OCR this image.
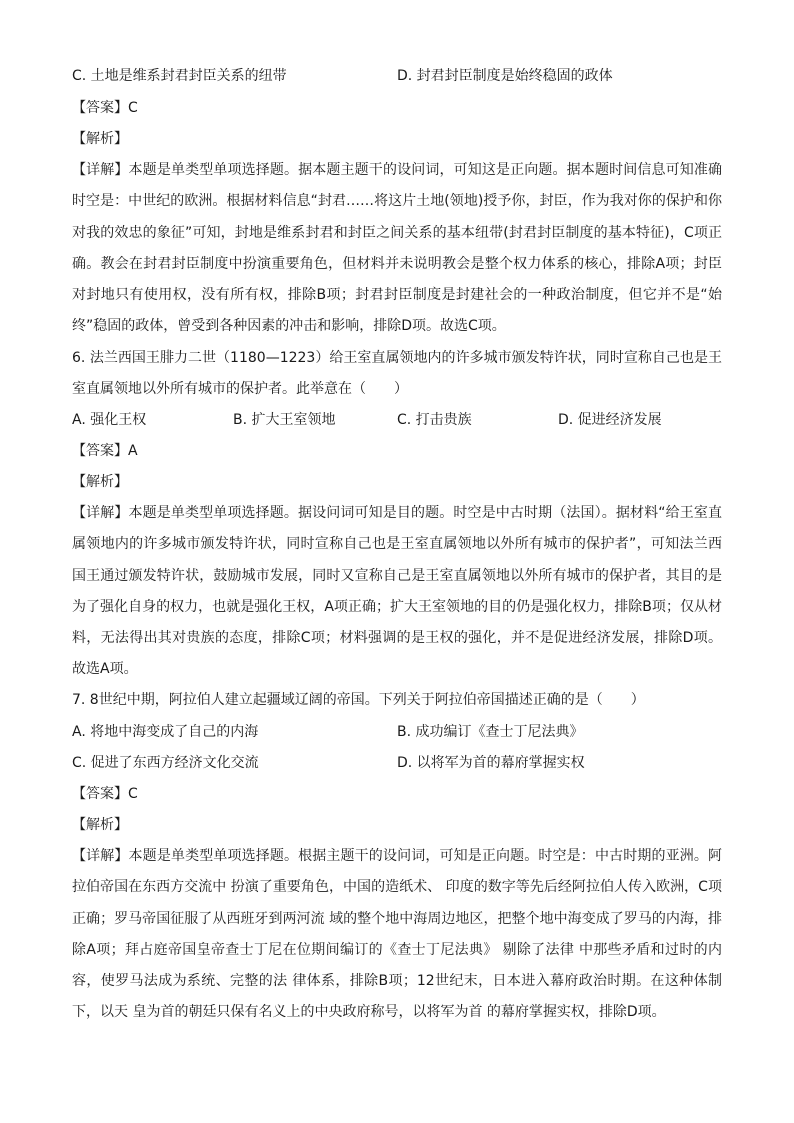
C. 土地是维系封君封臣关系的纽带	D. 封君封臣制度是始终稳固的政体
【答案】C
【解析】
【详解】本题是单类型单项选择题。据本题主题干的设问词，可知这是正向题。据本题时间信息可知准确时空是：中世纪的欧洲。根据材料信息“封君……将这片土地(领地)授予你，封臣，作为我对你的保护和你对我的效忠的象征”可知，封地是维系封君和封臣之间关系的基本纽带(封君封臣制度的基本特征)，C项正确。教会在封君封臣制度中扮演重要角色，但材料并未说明教会是整个权力体系的核心，排除A项；封臣对封地只有使用权，没有所有权，排除B项；封君封臣制度是封建社会的一种政治制度，但它并不是“始终”稳固的政体，曾受到各种因素的冲击和影响，排除D项。故选C项。
6. 法兰西国王腓力二世（1180—1223）给王室直属领地内的许多城市颁发特许状，同时宣称自己也是王室直属领地以外所有城市的保护者。此举意在（　　）
A. 强化王权	B. 扩大王室领地	C. 打击贵族	D. 促进经济发展
【答案】A
【解析】
【详解】本题是单类型单项选择题。据设问词可知是目的题。时空是中古时期（法国）。据材料“给王室直属领地内的许多城市颁发特许状，同时宣称自己也是王室直属领地以外所有城市的保护者”，可知法兰西国王通过颁发特许状，鼓励城市发展，同时又宣称自己是王室直属领地以外所有城市的保护者，其目的是为了强化自身的权力，也就是强化王权，A项正确；扩大王室领地的目的仍是强化权力，排除B项；仅从材料，无法得出其对贵族的态度，排除C项；材料强调的是王权的强化，并不是促进经济发展，排除D项。故选A项。
7. 8世纪中期，阿拉伯人建立起疆域辽阔的帝国。下列关于阿拉伯帝国描述正确的是（　　）
A. 将地中海变成了自己的内海	B. 成功编订《查士丁尼法典》
C. 促进了东西方经济文化交流	D. 以将军为首的幕府掌握实权
【答案】C
【解析】
【详解】本题是单类型单项选择题。根据主题干的设问词，可知是正向题。时空是：中古时期的亚洲。阿拉伯帝国在东西方交流中 扮演了重要角色，中国的造纸术、 印度的数字等先后经阿拉伯人传入欧洲，C项正确；罗马帝国征服了从西班牙到两河流 域的整个地中海周边地区，把整个地中海变成了罗马的内海，排除A项；拜占庭帝国皇帝查士丁尼在位期间编订的《查士丁尼法典》 剔除了法律 中那些矛盾和过时的内容，使罗马法成为系统、完整的法 律体系，排除B项；12世纪末，日本进入幕府政治时期。在这种体制下，以天 皇为首的朝廷只保有名义上的中央政府称号，以将军为首 的幕府掌握实权，排除D项。
